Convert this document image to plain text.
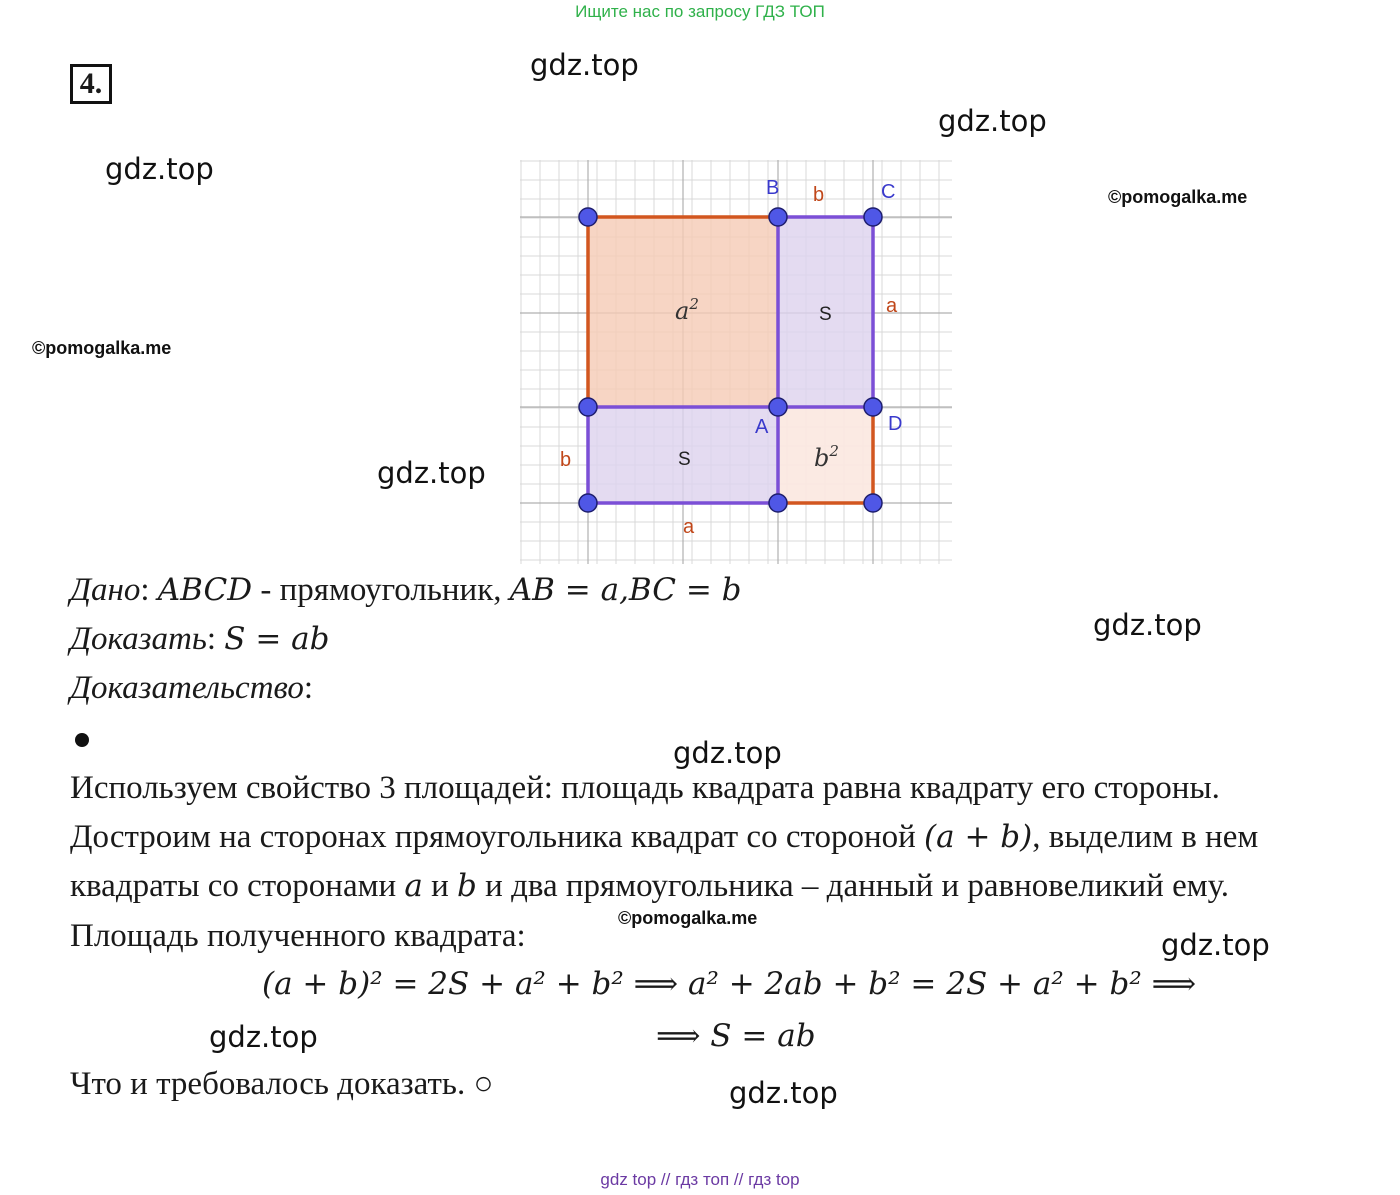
Ищите нас по запросу ГДЗ ТОП
4.
gdz.top
gdz.top
gdz.top
©pomogalka.me
©pomogalka.me
gdz.top
gdz.top
gdz.top
©pomogalka.me
gdz.top
gdz.top
gdz.top
B	C
A	D
b
a
b
a
$a^2$
$b^2$
S
S
Дано: ABCD - прямоугольник, AB = a,BC = b
Доказать: S = ab
Доказательство:
Используем свойство 3 площадей: площадь квадрата равна квадрату его стороны.
Достроим на сторонах прямоугольника квадрат со стороной (a + b), выделим в нем
квадраты со сторонами a и b и два прямоугольника – данный и равновеликий ему.
Площадь полученного квадрата:
(a + b)² = 2S + a² + b² ⟹ a² + 2ab + b² = 2S + a² + b² ⟹
⟹ S = ab
Что и требовалось доказать. ○
gdz top // гдз топ // гдз top
